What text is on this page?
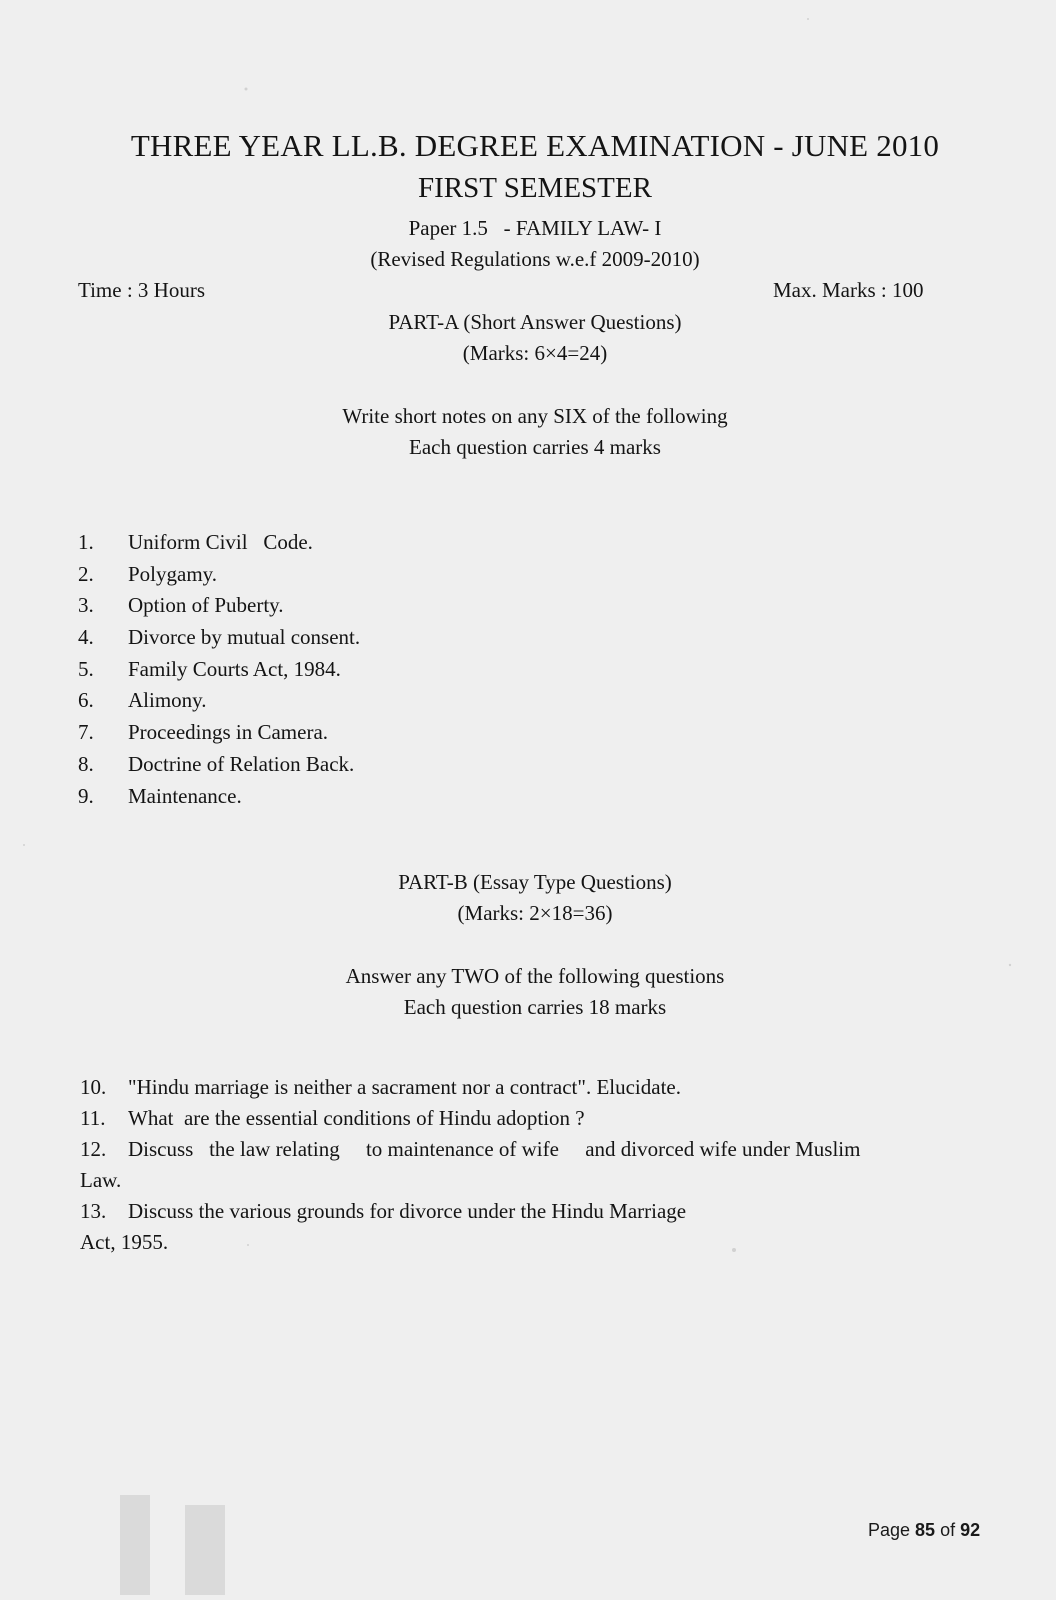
THREE YEAR LL.B. DEGREE EXAMINATION - JUNE 2010
FIRST SEMESTER
Paper 1.5   - FAMILY LAW- I
(Revised Regulations w.e.f 2009-2010)
Time : 3 Hours	Max. Marks : 100
PART-A (Short Answer Questions)
(Marks: 6×4=24)
Write short notes on any SIX of the following
Each question carries 4 marks
1. Uniform Civil   Code.
2. Polygamy.
3. Option of Puberty.
4. Divorce by mutual consent.
5. Family Courts Act, 1984.
6. Alimony.
7. Proceedings in Camera.
8. Doctrine of Relation Back.
9. Maintenance.
PART-B (Essay Type Questions)
(Marks: 2×18=36)
Answer any TWO of the following questions
Each question carries 18 marks
10. "Hindu marriage is neither a sacrament nor a contract". Elucidate.
11. What  are the essential conditions of Hindu adoption ?
12. Discuss   the law relating     to maintenance of wife     and divorced wife under Muslim
Law.
13. Discuss the various grounds for divorce under the Hindu Marriage
Act, 1955.
Page 85 of 92
